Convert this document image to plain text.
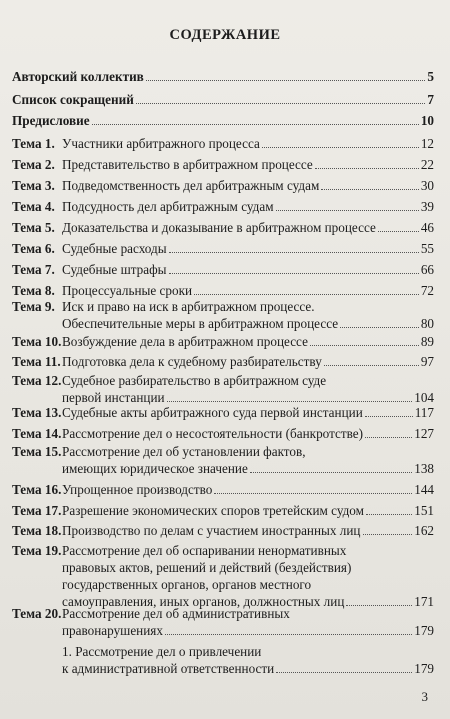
СОДЕРЖАНИЕ
Авторский коллектив	5
Список сокращений	7
Предисловие	10
Тема 1. Участники арбитражного процесса	12
Тема 2. Представительство в арбитражном процессе	22
Тема 3. Подведомственность дел арбитражным судам	30
Тема 4. Подсудность дел арбитражным судам	39
Тема 5. Доказательства и доказывание в арбитражном процессе	46
Тема 6. Судебные расходы	55
Тема 7. Судебные штрафы	66
Тема 8. Процессуальные сроки	72
Тема 9. Иск и право на иск в арбитражном процессе.
Обеспечительные меры в арбитражном процессе	80
Тема 10. Возбуждение дела в арбитражном процессе	89
Тема 11. Подготовка дела к судебному разбирательству	97
Тема 12. Судебное разбирательство в арбитражном суде
первой инстанции	104
Тема 13. Судебные акты арбитражного суда первой инстанции	117
Тема 14. Рассмотрение дел о несостоятельности (банкротстве)	127
Тема 15. Рассмотрение дел об установлении фактов,
имеющих юридическое значение	138
Тема 16. Упрощенное производство	144
Тема 17. Разрешение экономических споров третейским судом	151
Тема 18. Производство по делам с участием иностранных лиц	162
Тема 19. Рассмотрение дел об оспаривании ненормативных
правовых актов, решений и действий (бездействия)
государственных органов, органов местного
самоуправления, иных органов, должностных лиц	171
Тема 20. Рассмотрение дел об административных
правонарушениях	179
1. Рассмотрение дел о привлечении
к административной ответственности	179
3
